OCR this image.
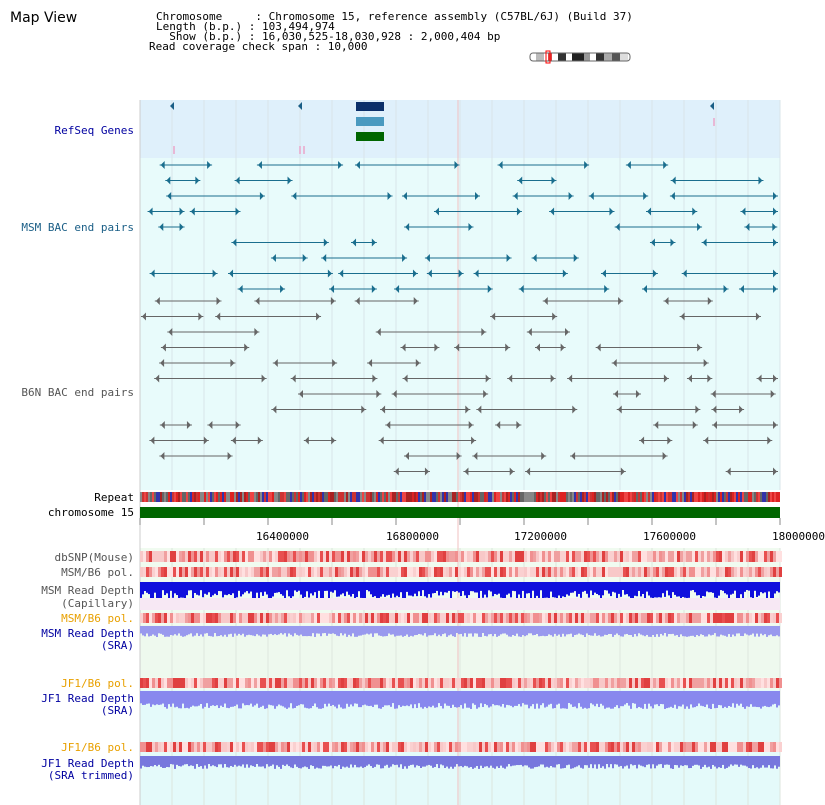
Map View	Chromosome     : Chromosome 15, reference assembly (C57BL/6J) (Build 37)
Length (b.p.) : 103,494,974
Show (b.p.) : 16,030,525-18,030,928 : 2,000,404 bp
Read coverage check span : 10,000
RefSeq Genes
MSM BAC end pairs
B6N BAC end pairs
Repeat
chromosome 15
16400000	16800000	17200000	17600000	18000000
dbSNP(Mouse)
MSM/B6 pol.
MSM Read Depth
(Capillary)
MSM/B6 pol.
MSM Read Depth
(SRA)
JF1/B6 pol.
JF1 Read Depth
(SRA)
JF1/B6 pol.
JF1 Read Depth
(SRA trimmed)
